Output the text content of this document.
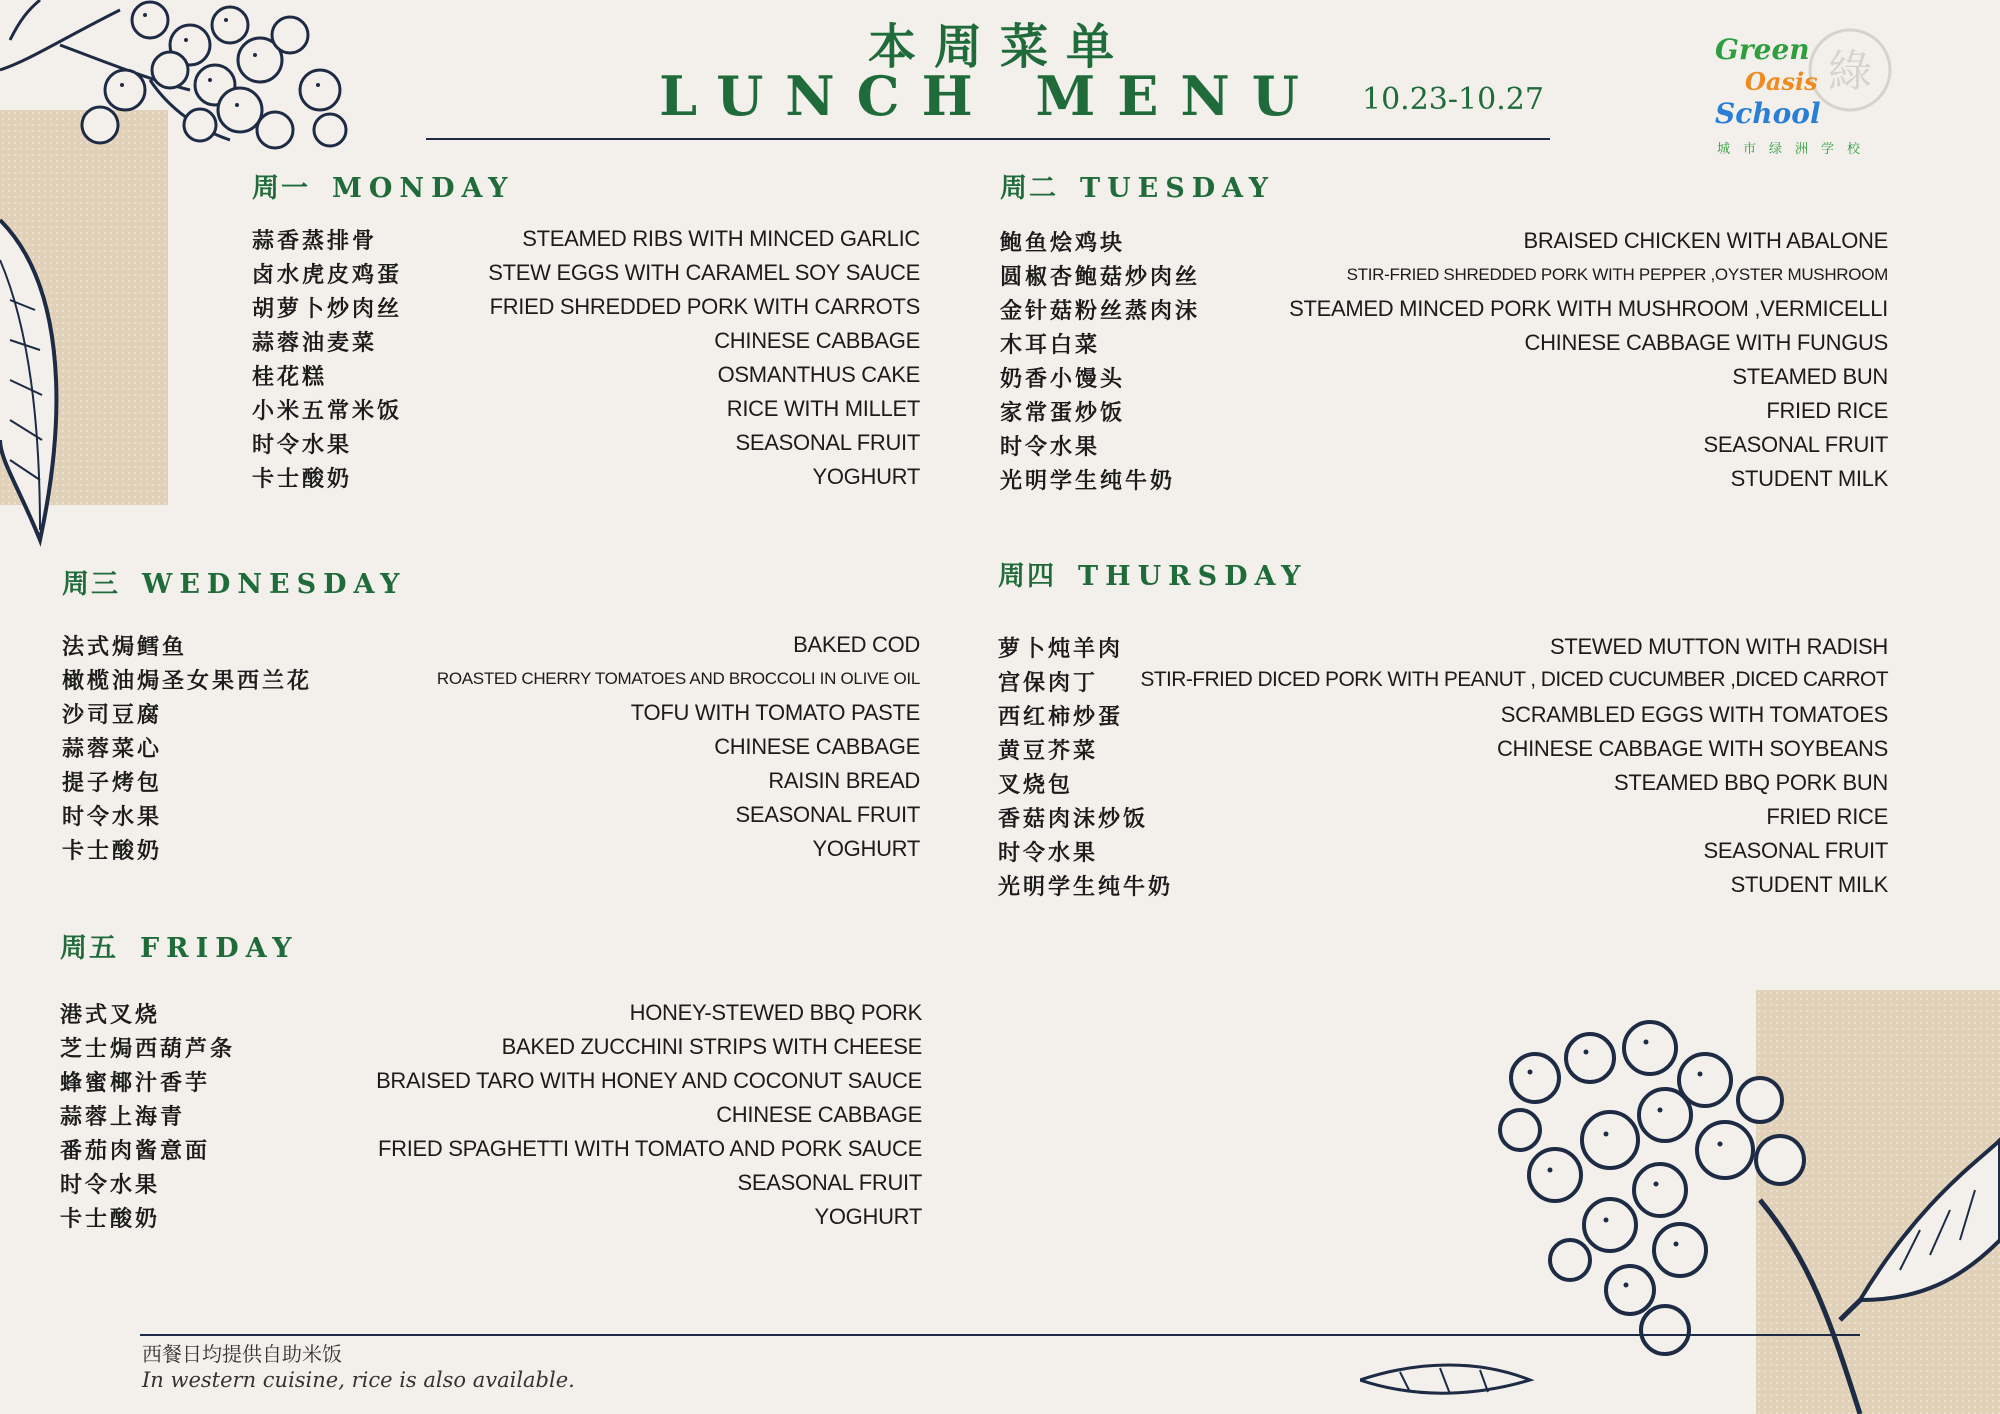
本周菜单
LUNCH MENU	10.23-10.27
綠
Green
Oasis
School
城市绿洲学校
周一 MONDAY
蒜香蒸排骨	STEAMED RIBS WITH MINCED GARLIC
卤水虎皮鸡蛋	STEW EGGS WITH CARAMEL SOY SAUCE
胡萝卜炒肉丝	FRIED SHREDDED PORK WITH CARROTS
蒜蓉油麦菜	CHINESE CABBAGE
桂花糕	OSMANTHUS CAKE
小米五常米饭	RICE WITH MILLET
时令水果	SEASONAL FRUIT
卡士酸奶	YOGHURT
周二 TUESDAY
鲍鱼烩鸡块	BRAISED CHICKEN WITH ABALONE
圆椒杏鲍菇炒肉丝	STIR-FRIED SHREDDED PORK WITH PEPPER ,OYSTER MUSHROOM
金针菇粉丝蒸肉沫	STEAMED MINCED PORK WITH MUSHROOM ,VERMICELLI
木耳白菜	CHINESE CABBAGE WITH FUNGUS
奶香小馒头	STEAMED BUN
家常蛋炒饭	FRIED RICE
时令水果	SEASONAL FRUIT
光明学生纯牛奶	STUDENT MILK
周三 WEDNESDAY
法式焗鳕鱼	BAKED COD
橄榄油焗圣女果西兰花	ROASTED CHERRY TOMATOES AND BROCCOLI IN OLIVE OIL
沙司豆腐	TOFU WITH TOMATO PASTE
蒜蓉菜心	CHINESE CABBAGE
提子烤包	RAISIN BREAD
时令水果	SEASONAL FRUIT
卡士酸奶	YOGHURT
周四 THURSDAY
萝卜炖羊肉	STEWED MUTTON WITH RADISH
宫保肉丁 STIR-FRIED DICED PORK WITH PEANUT , DICED CUCUMBER ,DICED CARROT
西红柿炒蛋	SCRAMBLED EGGS WITH TOMATOES
黄豆芥菜	CHINESE CABBAGE WITH SOYBEANS
叉烧包	STEAMED BBQ PORK BUN
香菇肉沫炒饭	FRIED RICE
时令水果	SEASONAL FRUIT
光明学生纯牛奶	STUDENT MILK
周五 FRIDAY
港式叉烧	HONEY-STEWED BBQ PORK
芝士焗西葫芦条	BAKED ZUCCHINI STRIPS WITH CHEESE
蜂蜜椰汁香芋	BRAISED TARO WITH HONEY AND COCONUT SAUCE
蒜蓉上海青	CHINESE CABBAGE
番茄肉酱意面	FRIED SPAGHETTI WITH TOMATO AND PORK SAUCE
时令水果	SEASONAL FRUIT
卡士酸奶	YOGHURT
西餐日均提供自助米饭
In western cuisine, rice is also available.
